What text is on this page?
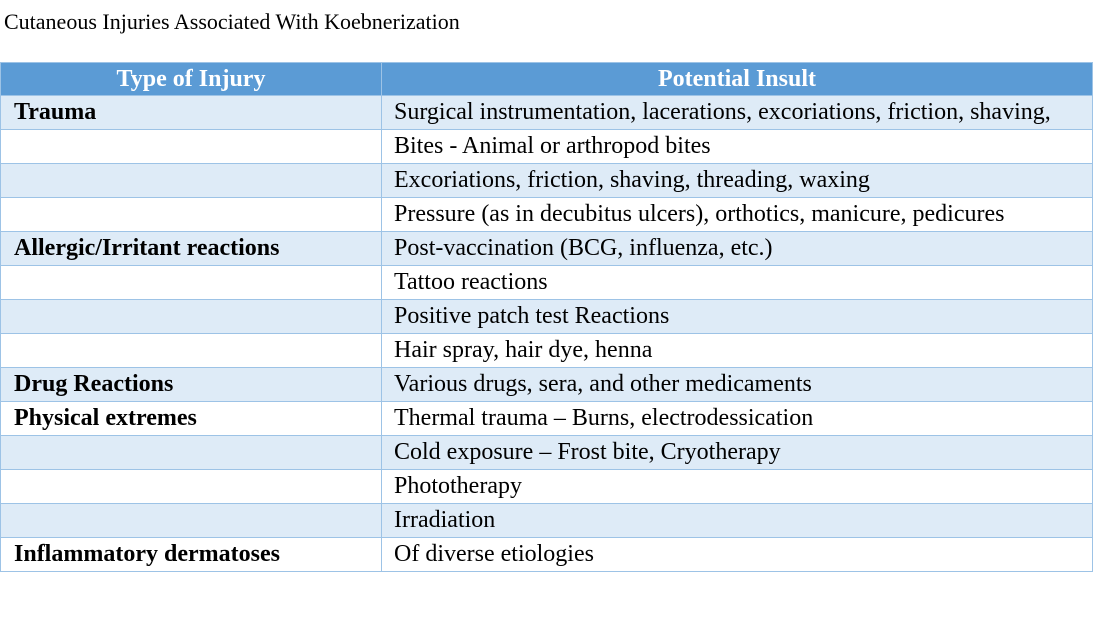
Cutaneous Injuries Associated With Koebnerization
Type of Injury	Potential Insult
Trauma	Surgical instrumentation, lacerations, excoriations, friction, shaving,
	Bites - Animal or arthropod bites
	Excoriations, friction, shaving, threading, waxing
	Pressure (as in decubitus ulcers), orthotics, manicure, pedicures
Allergic/Irritant reactions	Post-vaccination (BCG, influenza, etc.)
	Tattoo reactions
	Positive patch test Reactions
	Hair spray, hair dye, henna
Drug Reactions	Various drugs, sera, and other medicaments
Physical extremes	Thermal trauma – Burns, electrodessication
	Cold exposure – Frost bite, Cryotherapy
	Phototherapy
	Irradiation
Inflammatory dermatoses	Of diverse etiologies
